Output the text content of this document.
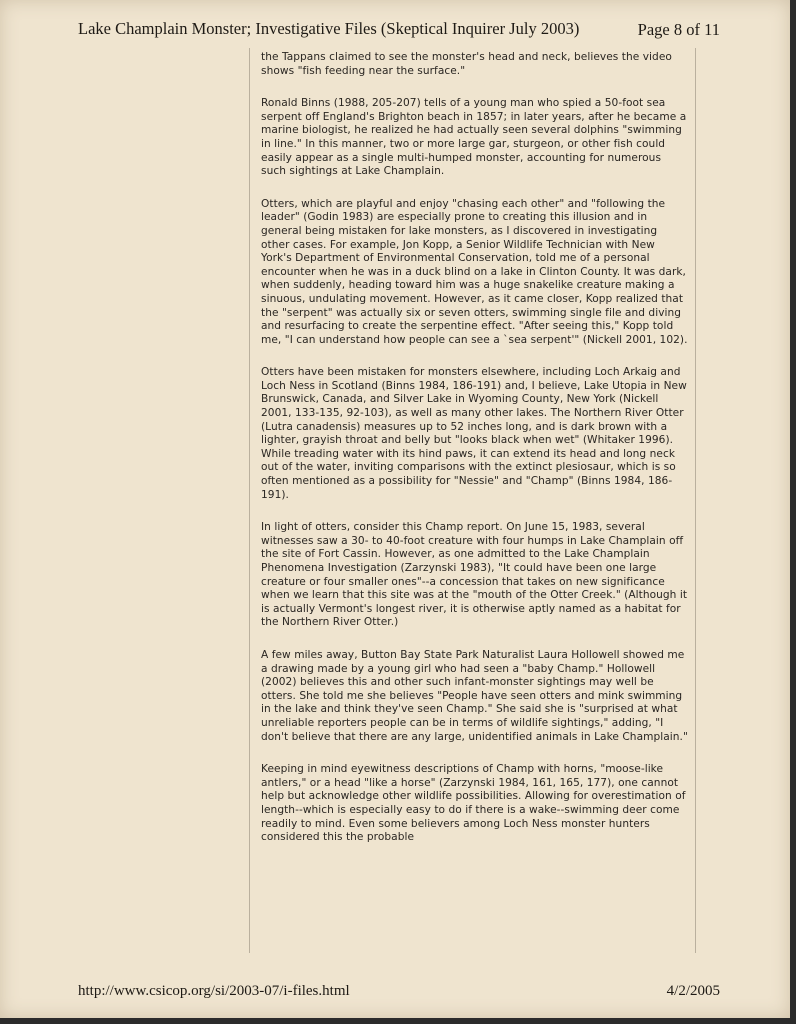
Lake Champlain Monster; Investigative Files (Skeptical Inquirer July 2003)	Page 8 of 11

the Tappans claimed to see the monster's head and neck, believes the video shows "fish feeding near the surface."

Ronald Binns (1988, 205-207) tells of a young man who spied a 50-foot sea serpent off England's Brighton beach in 1857; in later years, after he became a marine biologist, he realized he had actually seen several dolphins "swimming in line." In this manner, two or more large gar, sturgeon, or other fish could easily appear as a single multi-humped monster, accounting for numerous such sightings at Lake Champlain.

Otters, which are playful and enjoy "chasing each other" and "following the leader" (Godin 1983) are especially prone to creating this illusion and in general being mistaken for lake monsters, as I discovered in investigating other cases. For example, Jon Kopp, a Senior Wildlife Technician with New York's Department of Environmental Conservation, told me of a personal encounter when he was in a duck blind on a lake in Clinton County. It was dark, when suddenly, heading toward him was a huge snakelike creature making a sinuous, undulating movement. However, as it came closer, Kopp realized that the "serpent" was actually six or seven otters, swimming single file and diving and resurfacing to create the serpentine effect. "After seeing this," Kopp told me, "I can understand how people can see a `sea serpent'" (Nickell 2001, 102).

Otters have been mistaken for monsters elsewhere, including Loch Arkaig and Loch Ness in Scotland (Binns 1984, 186-191) and, I believe, Lake Utopia in New Brunswick, Canada, and Silver Lake in Wyoming County, New York (Nickell 2001, 133-135, 92-103), as well as many other lakes. The Northern River Otter (Lutra canadensis) measures up to 52 inches long, and is dark brown with a lighter, grayish throat and belly but "looks black when wet" (Whitaker 1996). While treading water with its hind paws, it can extend its head and long neck out of the water, inviting comparisons with the extinct plesiosaur, which is so often mentioned as a possibility for "Nessie" and "Champ" (Binns 1984, 186-191).

In light of otters, consider this Champ report. On June 15, 1983, several witnesses saw a 30- to 40-foot creature with four humps in Lake Champlain off the site of Fort Cassin. However, as one admitted to the Lake Champlain Phenomena Investigation (Zarzynski 1983), "It could have been one large creature or four smaller ones"--a concession that takes on new significance when we learn that this site was at the "mouth of the Otter Creek." (Although it is actually Vermont's longest river, it is otherwise aptly named as a habitat for the Northern River Otter.)

A few miles away, Button Bay State Park Naturalist Laura Hollowell showed me a drawing made by a young girl who had seen a "baby Champ." Hollowell (2002) believes this and other such infant-monster sightings may well be otters. She told me she believes "People have seen otters and mink swimming in the lake and think they've seen Champ." She said she is "surprised at what unreliable reporters people can be in terms of wildlife sightings," adding, "I don't believe that there are any large, unidentified animals in Lake Champlain."

Keeping in mind eyewitness descriptions of Champ with horns, "moose-like antlers," or a head "like a horse" (Zarzynski 1984, 161, 165, 177), one cannot help but acknowledge other wildlife possibilities. Allowing for overestimation of length--which is especially easy to do if there is a wake--swimming deer come readily to mind. Even some believers among Loch Ness monster hunters considered this the probable

http://www.csicop.org/si/2003-07/i-files.html	4/2/2005
